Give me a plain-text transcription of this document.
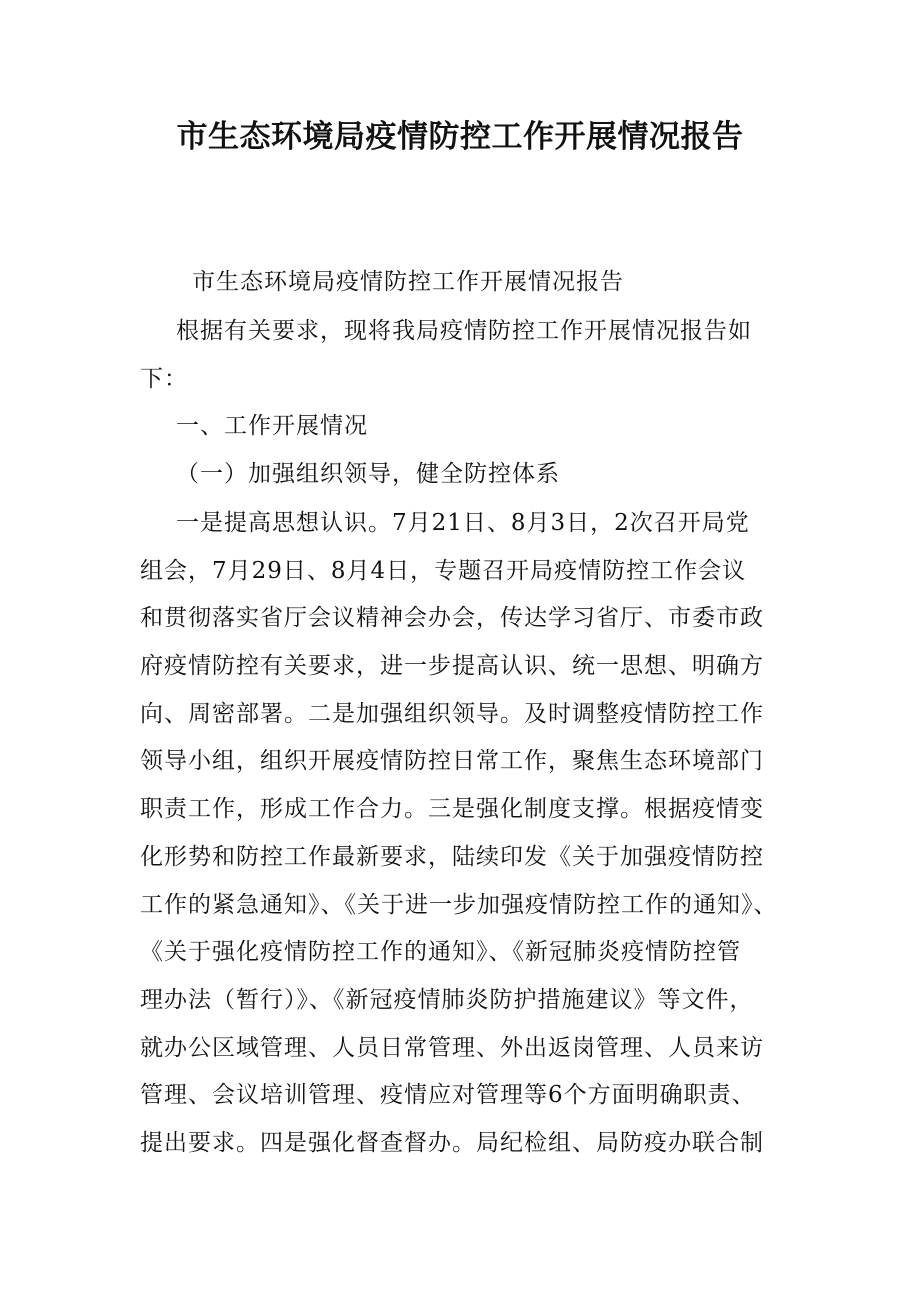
市生态环境局疫情防控工作开展情况报告
市生态环境局疫情防控工作开展情况报告
根据有关要求，现将我局疫情防控工作开展情况报告如
下：
一、工作开展情况
（一）加强组织领导，健全防控体系
一是提高思想认识。7月21日、8月3日，2次召开局党
组会，7月29日、8月4日，专题召开局疫情防控工作会议
和贯彻落实省厅会议精神会办会，传达学习省厅、市委市政
府疫情防控有关要求，进一步提高认识、统一思想、明确方
向、周密部署。二是加强组织领导。及时调整疫情防控工作
领导小组，组织开展疫情防控日常工作，聚焦生态环境部门
职责工作，形成工作合力。三是强化制度支撑。根据疫情变
化形势和防控工作最新要求，陆续印发《关于加强疫情防控
工作的紧急通知》、《关于进一步加强疫情防控工作的通知》、
《关于强化疫情防控工作的通知》、《新冠肺炎疫情防控管
理办法（暂行）》、《新冠疫情肺炎防护措施建议》等文件，
就办公区域管理、人员日常管理、外出返岗管理、人员来访
管理、会议培训管理、疫情应对管理等6个方面明确职责、
提出要求。四是强化督查督办。局纪检组、局防疫办联合制
